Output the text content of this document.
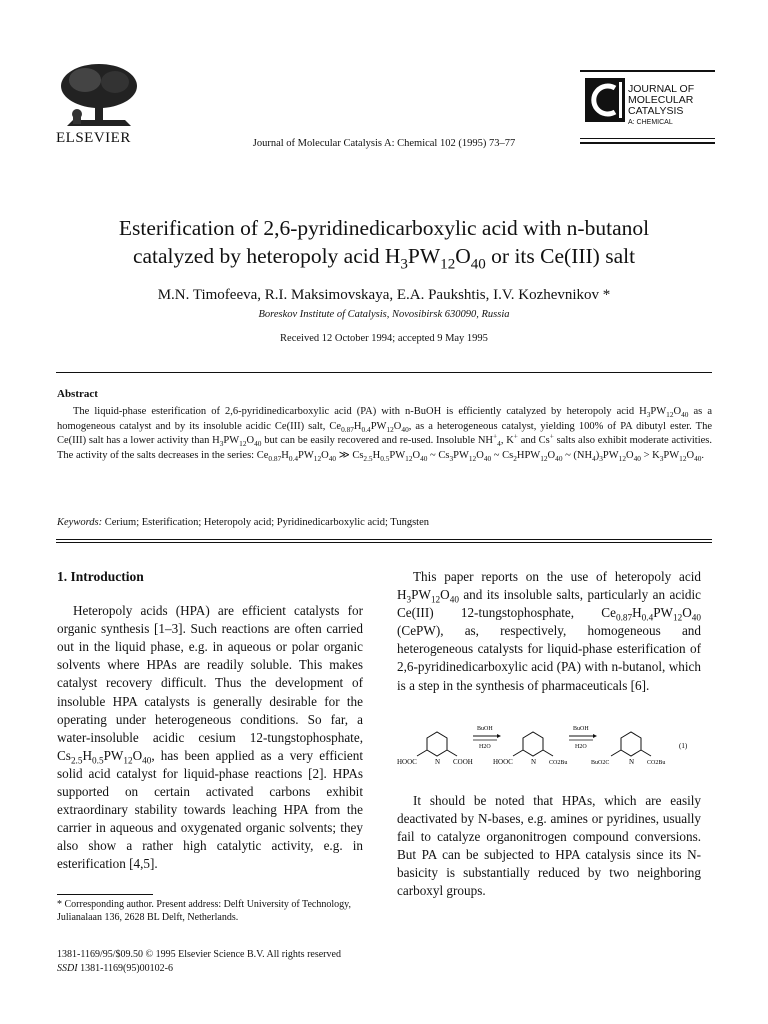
ELSEVIER	Journal of Molecular Catalysis A: Chemical 102 (1995) 73–77
JOURNAL OF
MOLECULAR
CATALYSIS
A: CHEMICAL
Esterification of 2,6-pyridinedicarboxylic acid with n-butanol
catalyzed by heteropoly acid $H_3PW_{12}O_{40}$ or its Ce(III) salt
M.N. Timofeeva, R.I. Maksimovskaya, E.A. Paukshtis, I.V. Kozhevnikov *
Boreskov Institute of Catalysis, Novosibirsk 630090, Russia
Received 12 October 1994; accepted 9 May 1995
Abstract
The liquid-phase esterification of 2,6-pyridinedicarboxylic acid (PA) with n-BuOH is efficiently catalyzed by heteropoly acid $H_3PW_{12}O_{40}$ as a homogeneous catalyst and by its insoluble acidic Ce(III) salt, $Ce_{0.87}H_{0.4}PW_{12}O_{40}$, as a heterogeneous catalyst, yielding 100% of PA dibutyl ester. The Ce(III) salt has a lower activity than $H_3PW_{12}O_{40}$ but can be easily recovered and re-used. Insoluble $NH^+_4$, K+ and Cs+ salts also exhibit moderate activities. The activity of the salts decreases in the series: $Ce_{0.87}H_{0.4}PW_{12}O_{40}$ ≫ $Cs_{2.5}H_{0.5}PW_{12}O_{40}$ ~ $Cs_3PW_{12}O_{40}$ ~ $Cs_2HPW_{12}O_{40}$ ~ $(NH_4)_3PW_{12}O_{40} > K_3PW_{12}O_{40}$.
Keywords: Cerium; Esterification; Heteropoly acid; Pyridinedicarboxylic acid; Tungsten
1. Introduction

Heteropoly acids (HPA) are efficient catalysts for organic synthesis [1–3]. Such reactions are often carried out in the liquid phase, e.g. in aqueous or polar organic solvents where HPAs are readily soluble. This makes catalyst recovery difficult. Thus the development of insoluble HPA catalysts is generally desirable for the operating under heterogeneous conditions. So far, a water-insoluble acidic cesium 12-tungstophosphate, $Cs_{2.5}H_{0.5}PW_{12}O_{40}$, has been applied as a very efficient solid acid catalyst for liquid-phase reactions [2]. HPAs supported on certain activated carbons exhibit extraordinary stability towards leaching HPA from the carrier in aqueous and oxygenated organic solvents; they also show a rather high catalytic activity, e.g. in esterification [4,5].

This paper reports on the use of heteropoly acid $H_3PW_{12}O_{40}$ and its insoluble salts, particularly an acidic Ce(III) 12-tungstophosphate, $Ce_{0.87}H_{0.4}PW_{12}O_{40}$ (CePW), as, respectively, homogeneous and heterogeneous catalysts for liquid-phase esterification of 2,6-pyridinedicarboxylic acid (PA) with n-butanol, which is a step in the synthesis of pharmaceuticals [6].

HOOC	N COOH
BuOH
H2O
HOOC	N CO2Bu
BuOH
H2O
BuO2C	N CO2Bu
(1)

It should be noted that HPAs, which are easily deactivated by N-bases, e.g. amines or pyridines, usually fail to catalyze organonitrogen compound conversions. But PA can be subjected to HPA catalysis since its N-basicity is substantially reduced by two neighboring carboxyl groups.

* Corresponding author. Present address: Delft University of Technology, Julianalaan 136, 2628 BL Delft, Netherlands.
1381-1169/95/$09.50 © 1995 Elsevier Science B.V. All rights reserved
SSDI 1381-1169(95)00102-6
